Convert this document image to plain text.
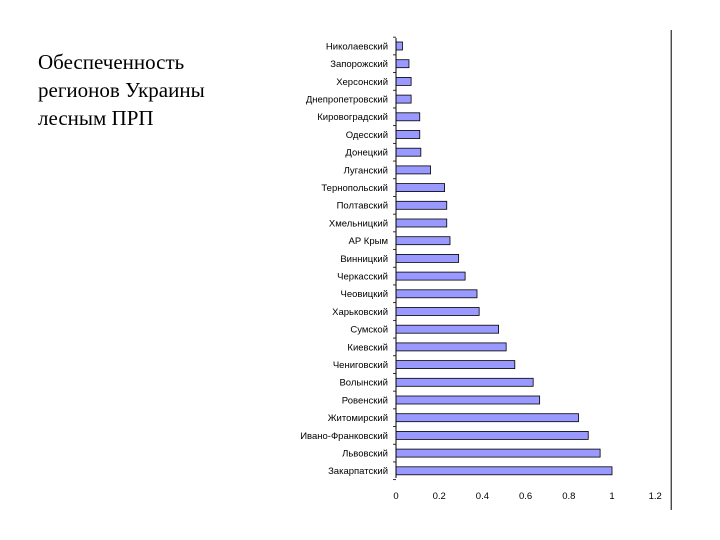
Обеспеченность
регионов Украины
лесным ПРП
Николаевский
Запорожский
Херсонский
Днепропетровский
Кировоградский
Одесский
Донецкий
Луганский
Тернопольский
Полтавский
Хмельницкий
АР Крым
Винницкий
Черкасский
Чеовицкий
Харьковский
Сумской
Киевский
Чениговский
Волынский
Ровенский
Житомирский
Ивано-Франковский
Львовский
Закарпатский
0	0.2	0.4	0.6	0.8	1	1.2
